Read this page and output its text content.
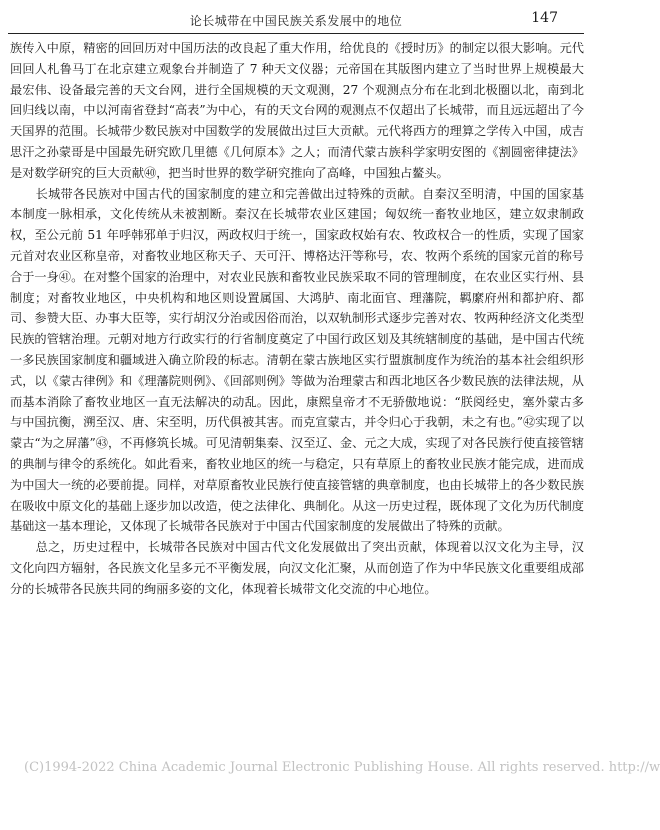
论长城带在中国民族关系发展中的地位	147

族传入中原，精密的回回历对中国历法的改良起了重大作用，给优良的《授时历》的制定以很大影响。元代回回人札鲁马丁在北京建立观象台并制造了 7 种天文仪器；元帝国在其版图内建立了当时世界上规模最大最宏伟、设备最完善的天文台网，进行全国规模的天文观测，27 个观测点分布在北到北极圈以北，南到北回归线以南，中以河南省登封“高表”为中心，有的天文台网的观测点不仅超出了长城带，而且远远超出了今天国界的范围。长城带少数民族对中国数学的发展做出过巨大贡献。元代将西方的理算之学传入中国，成吉思汗之孙蒙哥是中国最先研究欧几里德《几何原本》之人；而清代蒙古族科学家明安图的《割圆密律捷法》是对数学研究的巨大贡献㊵，把当时世界的数学研究推向了高峰，中国独占鳌头。

长城带各民族对中国古代的国家制度的建立和完善做出过特殊的贡献。自秦汉至明清，中国的国家基本制度一脉相承，文化传统从未被割断。秦汉在长城带农业区建国；匈奴统一畜牧业地区，建立奴隶制政权，至公元前 51 年呼韩邪单于归汉，两政权归于统一，国家政权始有农、牧政权合一的性质，实现了国家元首对农业区称皇帝，对畜牧业地区称天子、天可汗、博格达汗等称号，农、牧两个系统的国家元首的称号合于一身㊶。在对整个国家的治理中，对农业民族和畜牧业民族采取不同的管理制度，在农业区实行州、县制度；对畜牧业地区，中央机构和地区则设置属国、大鸿胪、南北面官、理藩院，羁縻府州和都护府、都司、参赞大臣、办事大臣等，实行胡汉分治或因俗而治，以双轨制形式逐步完善对农、牧两种经济文化类型民族的管辖治理。元朝对地方行政实行的行省制度奠定了中国行政区划及其统辖制度的基础，是中国古代统一多民族国家制度和疆域进入确立阶段的标志。清朝在蒙古族地区实行盟旗制度作为统治的基本社会组织形式，以《蒙古律例》和《理藩院则例》、《回部则例》等做为治理蒙古和西北地区各少数民族的法律法规，从而基本消除了畜牧业地区一直无法解决的动乱。因此，康熙皇帝才不无骄傲地说：“朕阅经史，塞外蒙古多与中国抗衡，溯至汉、唐、宋至明，历代俱被其害。而克宣蒙古，并令归心于我朝，未之有也。”㊷实现了以蒙古“为之屏藩”㊸，不再修筑长城。可见清朝集秦、汉至辽、金、元之大成，实现了对各民族行使直接管辖的典制与律令的系统化。如此看来，畜牧业地区的统一与稳定，只有草原上的畜牧业民族才能完成，进而成为中国大一统的必要前提。同样，对草原畜牧业民族行使直接管辖的典章制度，也由长城带上的各少数民族在吸收中原文化的基础上逐步加以改造，使之法律化、典制化。从这一历史过程，既体现了文化为历代制度基础这一基本理论，又体现了长城带各民族对于中国古代国家制度的发展做出了特殊的贡献。

总之，历史过程中，长城带各民族对中国古代文化发展做出了突出贡献，体现着以汉文化为主导，汉文化向四方辐射，各民族文化呈多元不平衡发展，向汉文化汇聚，从而创造了作为中华民族文化重要组成部分的长城带各民族共同的绚丽多姿的文化，体现着长城带文化交流的中心地位。

(C)1994-2022 China Academic Journal Electronic Publishing House. All rights reserved. http://w
